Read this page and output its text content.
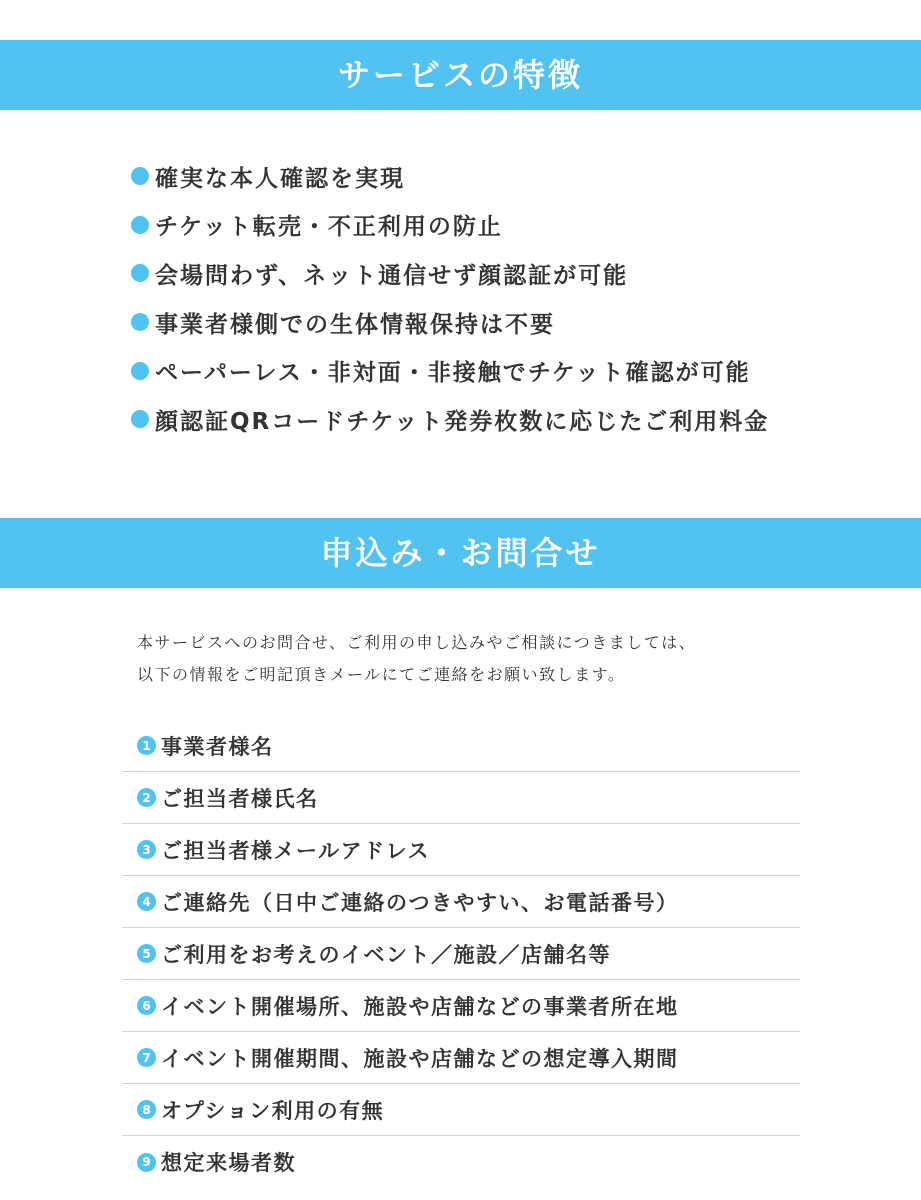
サービスの特徴
確実な本人確認を実現
チケット転売・不正利用の防止
会場問わず、ネット通信せず顔認証が可能
事業者様側での生体情報保持は不要
ペーパーレス・非対面・非接触でチケット確認が可能
顔認証QRコードチケット発券枚数に応じたご利用料金
申込み・お問合せ
本サービスへのお問合せ、ご利用の申し込みやご相談につきましては、
以下の情報をご明記頂きメールにてご連絡をお願い致します。
1 事業者様名
2 ご担当者様氏名
3 ご担当者様メールアドレス
4 ご連絡先（日中ご連絡のつきやすい、お電話番号）
5 ご利用をお考えのイベント／施設／店舗名等
6 イベント開催場所、施設や店舗などの事業者所在地
7 イベント開催期間、施設や店舗などの想定導入期間
8 オプション利用の有無
9 想定来場者数
